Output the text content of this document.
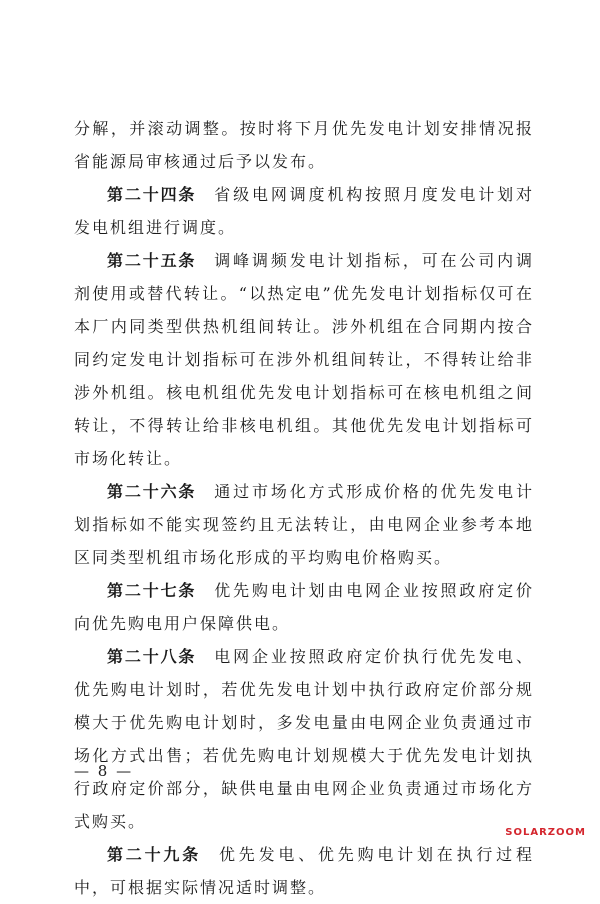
分解，并滚动调整。按时将下月优先发电计划安排情况报省能源局审核通过后予以发布。

第二十四条 省级电网调度机构按照月度发电计划对发电机组进行调度。

第二十五条 调峰调频发电计划指标，可在公司内调剂使用或替代转让。“以热定电”优先发电计划指标仅可在本厂内同类型供热机组间转让。涉外机组在合同期内按合同约定发电计划指标可在涉外机组间转让，不得转让给非涉外机组。核电机组优先发电计划指标可在核电机组之间转让，不得转让给非核电机组。其他优先发电计划指标可市场化转让。

第二十六条 通过市场化方式形成价格的优先发电计划指标如不能实现签约且无法转让，由电网企业参考本地区同类型机组市场化形成的平均购电价格购买。

第二十七条 优先购电计划由电网企业按照政府定价向优先购电用户保障供电。

第二十八条 电网企业按照政府定价执行优先发电、优先购电计划时，若优先发电计划中执行政府定价部分规模大于优先购电计划时，多发电量由电网企业负责通过市场化方式出售；若优先购电计划规模大于优先发电计划执行政府定价部分，缺供电量由电网企业负责通过市场化方式购买。

第二十九条 优先发电、优先购电计划在执行过程中，可根据实际情况适时调整。

— 8 —

SOLARZOOM
